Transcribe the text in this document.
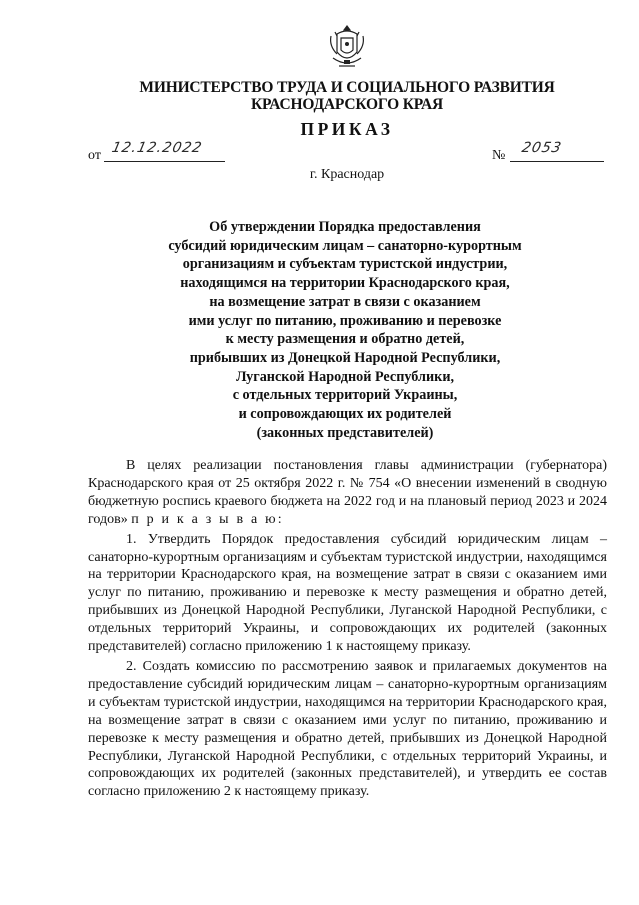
МИНИСТЕРСТВО ТРУДА И СОЦИАЛЬНОГО РАЗВИТИЯ
КРАСНОДАРСКОГО КРАЯ
ПРИКАЗ
от 12.12.2022	№ 2053
г. Краснодар
Об утверждении Порядка предоставления
субсидий юридическим лицам – санаторно-курортным
организациям и субъектам туристской индустрии,
находящимся на территории Краснодарского края,
на возмещение затрат в связи с оказанием
ими услуг по питанию, проживанию и перевозке
к месту размещения и обратно детей,
прибывших из Донецкой Народной Республики,
Луганской Народной Республики,
с отдельных территорий Украины,
и сопровождающих их родителей
(законных представителей)

В целях реализации постановления главы администрации (губернатора) Краснодарского края от 25 октября 2022 г. № 754 «О внесении изменений в сводную бюджетную роспись краевого бюджета на 2022 год и на плановый период 2023 и 2024 годов» п р и к а з ы в а ю:

1. Утвердить Порядок предоставления субсидий юридическим лицам – санаторно-курортным организациям и субъектам туристской индустрии, находящимся на территории Краснодарского края, на возмещение затрат в связи с оказанием ими услуг по питанию, проживанию и перевозке к месту размещения и обратно детей, прибывших из Донецкой Народной Республики, Луганской Народной Республики, с отдельных территорий Украины, и сопровождающих их родителей (законных представителей) согласно приложению 1 к настоящему приказу.

2. Создать комиссию по рассмотрению заявок и прилагаемых документов на предоставление субсидий юридическим лицам – санаторно-курортным организациям и субъектам туристской индустрии, находящимся на территории Краснодарского края, на возмещение затрат в связи с оказанием ими услуг по питанию, проживанию и перевозке к месту размещения и обратно детей, прибывших из Донецкой Народной Республики, Луганской Народной Республики, с отдельных территорий Украины, и сопровождающих их родителей (законных представителей), и утвердить ее состав согласно приложению 2 к настоящему приказу.
